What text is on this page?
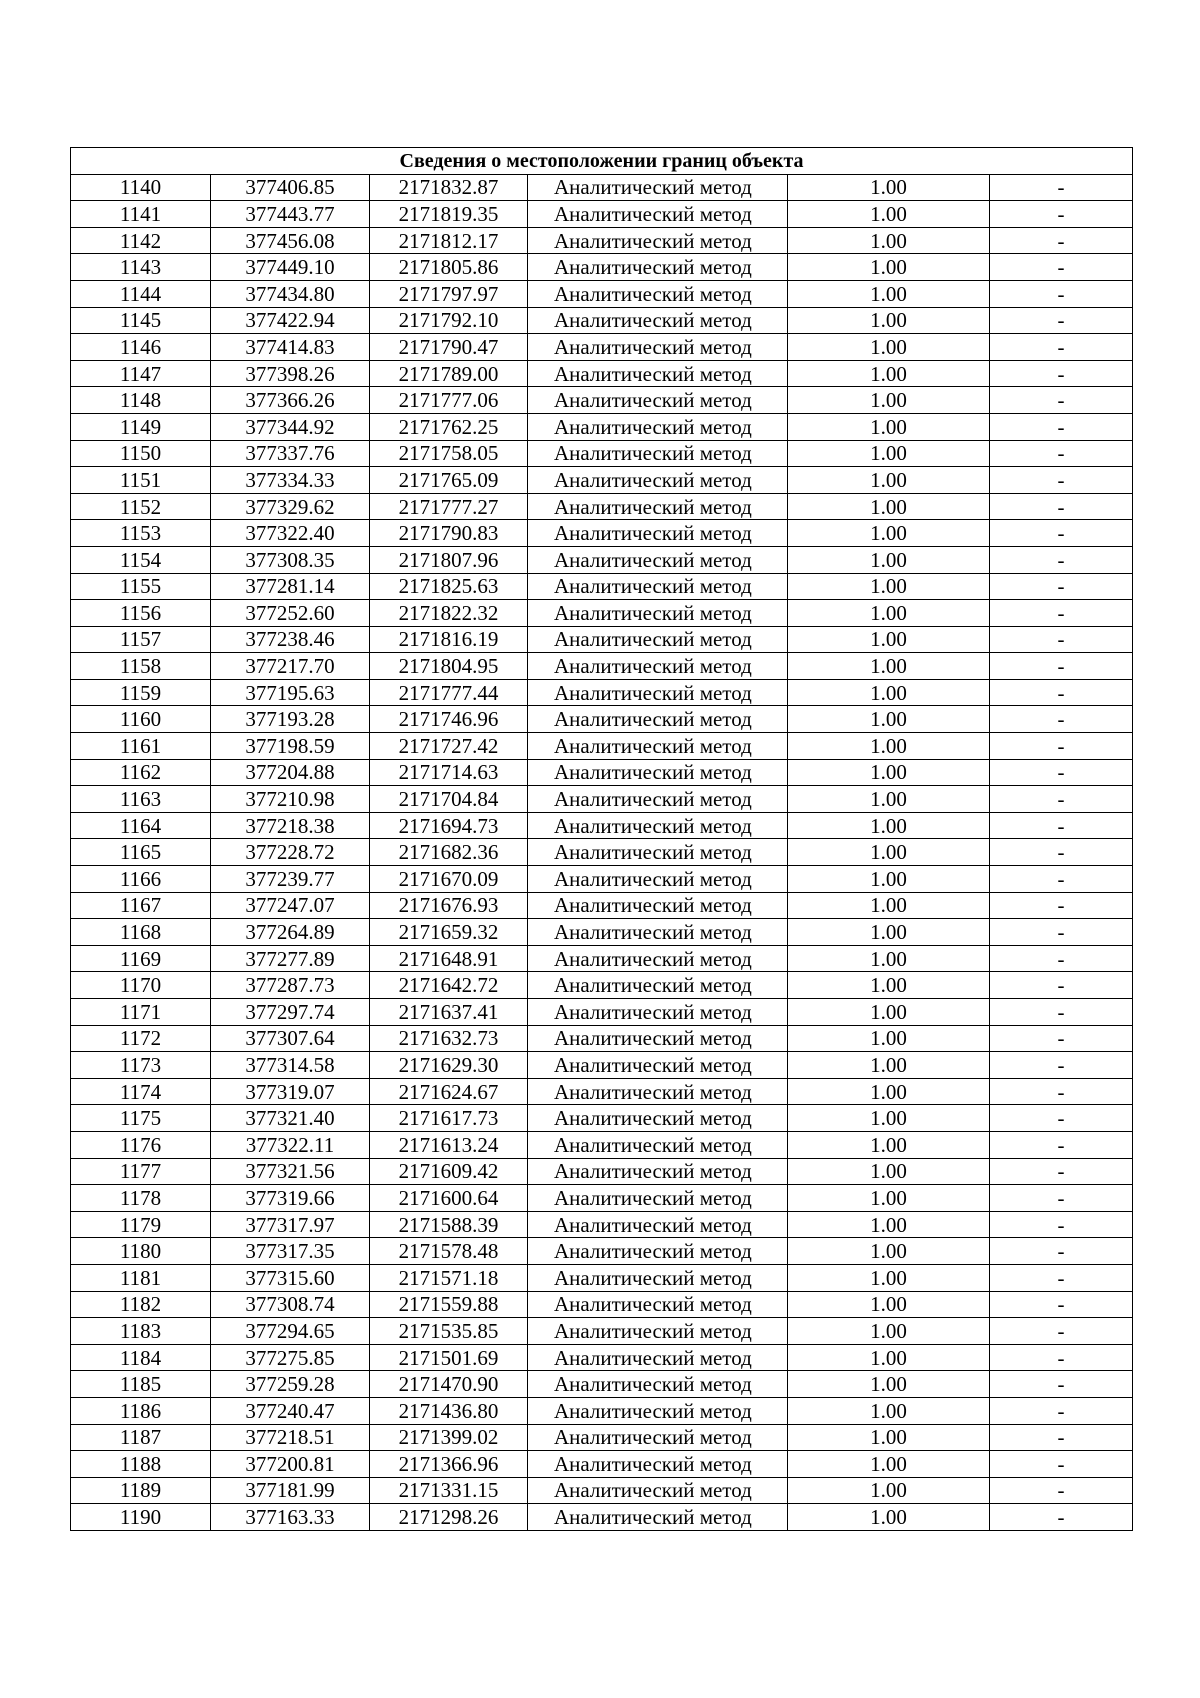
Сведения о местоположении границ объекта					
1140	377406.85	2171832.87	Аналитический метод	1.00	-
1141	377443.77	2171819.35	Аналитический метод	1.00	-
1142	377456.08	2171812.17	Аналитический метод	1.00	-
1143	377449.10	2171805.86	Аналитический метод	1.00	-
1144	377434.80	2171797.97	Аналитический метод	1.00	-
1145	377422.94	2171792.10	Аналитический метод	1.00	-
1146	377414.83	2171790.47	Аналитический метод	1.00	-
1147	377398.26	2171789.00	Аналитический метод	1.00	-
1148	377366.26	2171777.06	Аналитический метод	1.00	-
1149	377344.92	2171762.25	Аналитический метод	1.00	-
1150	377337.76	2171758.05	Аналитический метод	1.00	-
1151	377334.33	2171765.09	Аналитический метод	1.00	-
1152	377329.62	2171777.27	Аналитический метод	1.00	-
1153	377322.40	2171790.83	Аналитический метод	1.00	-
1154	377308.35	2171807.96	Аналитический метод	1.00	-
1155	377281.14	2171825.63	Аналитический метод	1.00	-
1156	377252.60	2171822.32	Аналитический метод	1.00	-
1157	377238.46	2171816.19	Аналитический метод	1.00	-
1158	377217.70	2171804.95	Аналитический метод	1.00	-
1159	377195.63	2171777.44	Аналитический метод	1.00	-
1160	377193.28	2171746.96	Аналитический метод	1.00	-
1161	377198.59	2171727.42	Аналитический метод	1.00	-
1162	377204.88	2171714.63	Аналитический метод	1.00	-
1163	377210.98	2171704.84	Аналитический метод	1.00	-
1164	377218.38	2171694.73	Аналитический метод	1.00	-
1165	377228.72	2171682.36	Аналитический метод	1.00	-
1166	377239.77	2171670.09	Аналитический метод	1.00	-
1167	377247.07	2171676.93	Аналитический метод	1.00	-
1168	377264.89	2171659.32	Аналитический метод	1.00	-
1169	377277.89	2171648.91	Аналитический метод	1.00	-
1170	377287.73	2171642.72	Аналитический метод	1.00	-
1171	377297.74	2171637.41	Аналитический метод	1.00	-
1172	377307.64	2171632.73	Аналитический метод	1.00	-
1173	377314.58	2171629.30	Аналитический метод	1.00	-
1174	377319.07	2171624.67	Аналитический метод	1.00	-
1175	377321.40	2171617.73	Аналитический метод	1.00	-
1176	377322.11	2171613.24	Аналитический метод	1.00	-
1177	377321.56	2171609.42	Аналитический метод	1.00	-
1178	377319.66	2171600.64	Аналитический метод	1.00	-
1179	377317.97	2171588.39	Аналитический метод	1.00	-
1180	377317.35	2171578.48	Аналитический метод	1.00	-
1181	377315.60	2171571.18	Аналитический метод	1.00	-
1182	377308.74	2171559.88	Аналитический метод	1.00	-
1183	377294.65	2171535.85	Аналитический метод	1.00	-
1184	377275.85	2171501.69	Аналитический метод	1.00	-
1185	377259.28	2171470.90	Аналитический метод	1.00	-
1186	377240.47	2171436.80	Аналитический метод	1.00	-
1187	377218.51	2171399.02	Аналитический метод	1.00	-
1188	377200.81	2171366.96	Аналитический метод	1.00	-
1189	377181.99	2171331.15	Аналитический метод	1.00	-
1190	377163.33	2171298.26	Аналитический метод	1.00	-
